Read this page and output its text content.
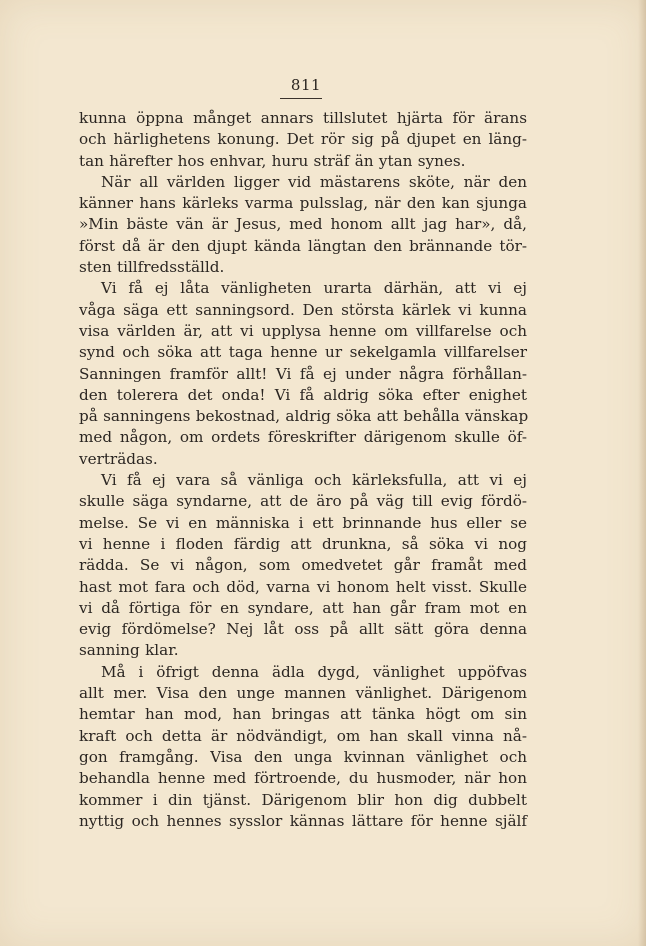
811
kunna öppna månget annars tillslutet hjärta för ärans
och härlighetens konung. Det rör sig på djupet en läng-
tan härefter hos enhvar, huru sträf än ytan synes.
När all världen ligger vid mästarens sköte, när den
känner hans kärleks varma pulsslag, när den kan sjunga
»Min bäste vän är Jesus, med honom allt jag har», då,
först då är den djupt kända längtan den brännande tör-
sten tillfredsställd.
Vi få ej låta vänligheten urarta därhän, att vi ej
våga säga ett sanningsord. Den största kärlek vi kunna
visa världen är, att vi upplysa henne om villfarelse och
synd och söka att taga henne ur sekelgamla villfarelser
Sanningen framför allt! Vi få ej under några förhållan-
den tolerera det onda! Vi få aldrig söka efter enighet
på sanningens bekostnad, aldrig söka att behålla vänskap
med någon, om ordets föreskrifter därigenom skulle öf-
verträdas.
Vi få ej vara så vänliga och kärleksfulla, att vi ej
skulle säga syndarne, att de äro på väg till evig fördö-
melse. Se vi en människa i ett brinnande hus eller se
vi henne i floden färdig att drunkna, så söka vi nog
rädda. Se vi någon, som omedvetet går framåt med
hast mot fara och död, varna vi honom helt visst. Skulle
vi då förtiga för en syndare, att han går fram mot en
evig fördömelse? Nej låt oss på allt sätt göra denna
sanning klar.
Må i öfrigt denna ädla dygd, vänlighet uppöfvas
allt mer. Visa den unge mannen vänlighet. Därigenom
hemtar han mod, han bringas att tänka högt om sin
kraft och detta är nödvändigt, om han skall vinna nå-
gon framgång. Visa den unga kvinnan vänlighet och
behandla henne med förtroende, du husmoder, när hon
kommer i din tjänst. Därigenom blir hon dig dubbelt
nyttig och hennes sysslor kännas lättare för henne själf
